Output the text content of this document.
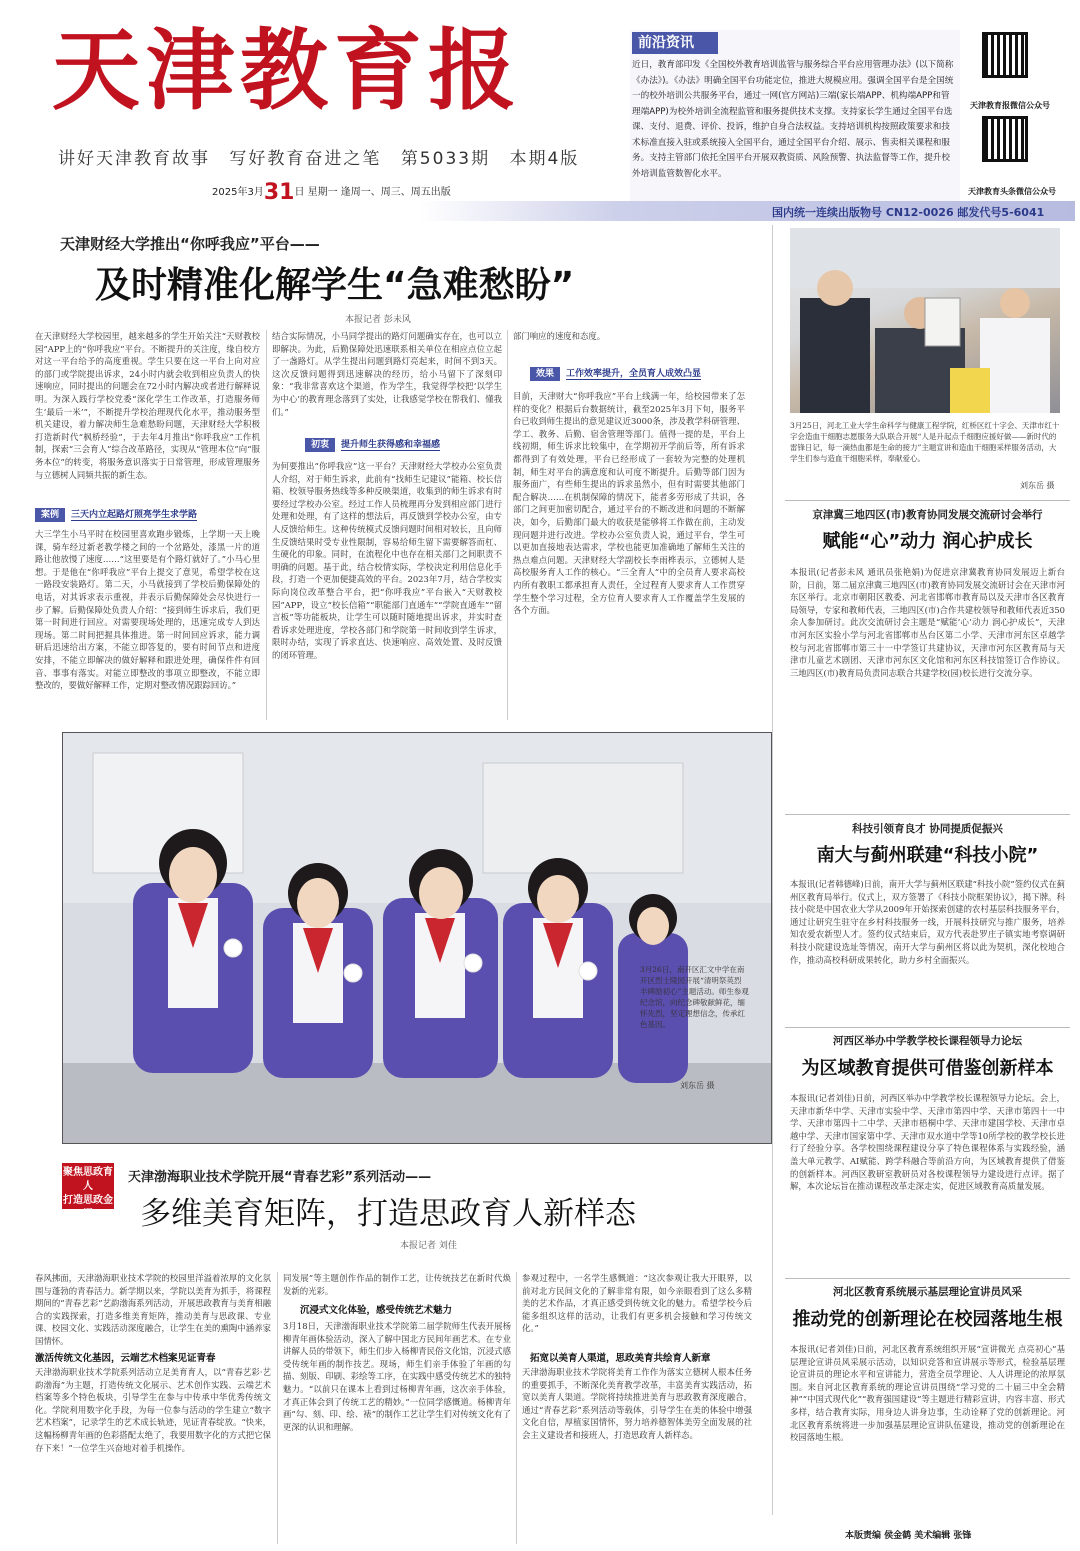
天津教育报
讲好天津教育故事 写好教育奋进之笔 第5033期 本期4版
2025年3月31日 星期一 逢周一、周三、周五出版
前沿资讯
近日，教育部印发《全国校外教育培训监管与服务综合平台应用管理办法》(以下简称《办法》)。《办法》明确全国平台功能定位，推进大规模应用。强调全国平台是全国统一的校外培训公共服务平台，通过一网(官方网站)三端(家长端APP、机构端APP和管理端APP)为校外培训全流程监管和服务提供技术支撑。支持家长学生通过全国平台选课、支付、退费、评价、投诉，维护自身合法权益。支持培训机构按照政策要求和技术标准直接入驻或系统接入全国平台，通过全国平台介绍、展示、售卖相关课程和服务。支持主管部门依托全国平台开展双教资质、风险预警、执法监督等工作，提升校外培训监管数智化水平。
天津教育报微信公众号
天津教育头条微信公众号
国内统一连续出版物号 CN12-0026 邮发代号5-6041
天津财经大学推出“你呼我应”平台——
及时精准化解学生“急难愁盼”
本报记者 彭未风
在天津财经大学校园里，越来越多的学生开始关注“天财教校园”APP上的“你呼我应”平台。不断提升的关注度，缘自校方对这一平台给予的高度重视。学生只要在这一平台上向对应的部门或学院提出诉求，24小时内就会收到相应负责人的快速响应，同时提出的问题会在72小时内解决或者进行解释说明。为深入践行学校党委“深化学生工作改革，打造服务师生‘最后一米’”，不断提升学校治理现代化水平，推动服务型机关建设，着力解决师生急难愁盼问题，天津财经大学积极打造新时代“枫桥经验”，于去年4月推出“你呼我应”工作机制，探索“三会育人”综合改革路径，实现从“管理本位”向“服务本位”的转变，将服务意识落实于日常管理，形成管理服务与立德树人同频共振的新生态。
案例 三天内立起路灯照亮学生求学路
大三学生小马平时在校园里喜欢跑步锻炼，上学期一天上晚课，骑车经过新老教学楼之间的一个岔路处，漆黑一片的道路让他放慢了速度……“这里要是有个路灯就好了。”小马心里想。于是他在“你呼我应”平台上提交了意见，希望学校在这一路段安装路灯。第二天，小马就接到了学校后勤保障处的电话，对其诉求表示重视，并表示后勤保障处会尽快进行一步了解。后勤保障处负责人介绍：“接到师生诉求后，我们更第一时间进行回应。对需要现场处理的，迅速完成专人到达现场。第二时间把握具体推进。第一时间回应诉求，能力调研后迅速给出方案，不能立即答复的，要有时间节点和进度安排，不能立即解决的做好解释和跟进处理，确保件件有回音、事事有落实。对能立即整改的事项立即整改，不能立即整改的，要做好解释工作，定期对整改情况跟踪回访。”
结合实际情况，小马同学提出的路灯问题确实存在，也可以立即解决。为此，后勤保障处迅速联系相关单位在相应点位立起了一盏路灯。从学生提出问题到路灯亮起来，时间不到3天。这次反馈问题得到迅速解决的经历，给小马留下了深刻印象：“我非常喜欢这个渠道，作为学生，我觉得学校把‘以学生为中心’的教育理念落到了实处，让我感觉学校在帮我们、懂我们。”
初衷 提升师生获得感和幸福感
为何要推出“你呼我应”这一平台？天津财经大学校办公室负责人介绍，对于师生诉求，此前有“找师生记建议”能箱、校长信箱、校领导服务热线等多种反映渠道，收集到的师生诉求有时要经过学校办公室。经过工作人员梳理再分发到相应部门进行处理和处理，有了这样的想法后，再反馈到学校办公室，由专人反馈给师生。这种传统模式反馈问题时间相对较长，且向师生反馈结果时受专业性限制，容易给师生留下需要解答而杠、生硬化的印象。同时，在流程化中也存在相关部门之间职责不明确的问题。基于此，结合校情实际，学校决定利用信息化手段，打造一个更加便捷高效的平台。2023年7月，结合学校实际向岗位改革整合平台，把“你呼我应”平台嵌入“天财教校园”APP，设立“校长信箱”“职能部门直通车”“学院直通车”“留言板”等功能板块，让学生可以随时随地提出诉求，并实时查看诉求处理进度，学校各部门和学院第一时间收到学生诉求，限时办结，实现了诉求直达、快速响应、高效处置、及时反馈的闭环管理。
部门响应的速度和态度。
效果 工作效率提升，全员育人成效凸显
目前，天津财大“你呼我应”平台上线满一年，给校园带来了怎样的变化？根据后台数据统计，截至2025年3月下旬，服务平台已收到师生提出的意见建议近3000条，涉及教学科研管理、学工、教务、后勤、宿舍管理等部门。值得一提的是，平台上线初期，师生诉求比较集中，在学期初开学前后等，所有诉求都得到了有效处理，平台已经形成了一套较为完整的处理机制，师生对平台的满意度和认可度不断提升。后勤等部门因为服务面广，有些师生提出的诉求虽然小，但有时需要其他部门配合解决……在机制保障的情况下，能者多劳形成了共识，各部门之间更加密切配合，通过平台的不断改进和问题的不断解决，如今，后勤部门最大的收获是能够将工作做在前，主动发现问题并进行改进。学校办公室负责人说，通过平台，学生可以更加直接地表达需求，学校也能更加准确地了解师生关注的热点难点问题。天津财经大学副校长李雨桦表示，立德树人是高校服务育人工作的核心。“三全育人”中的全员育人要求高校内所有教职工都承担育人责任，全过程育人要求育人工作贯穿学生整个学习过程，全方位育人要求育人工作覆盖学生发展的各个方面。
3月25日，河北工业大学生命科学与健康工程学院，红桥区红十字会、天津市红十字会造血干细胞志愿服务大队联合开展“人是升起点千细胞应援好做——新时代的雷锋日记，每一滴热血都是生命的接力”主题宣讲和造血干细胞采样服务活动，大学生们参与造血干细胞采样，奉献爱心。
刘东岳 摄
京津冀三地四区(市)教育协同发展交流研讨会举行
赋能“心”动力 润心护成长
本报讯(记者彭未风 通讯员张艳娟)为促进京津冀教育协同发展迈上新台阶，日前，第二届京津冀三地四区(市)教育协同发展交流研讨会在天津市河东区举行。北京市朝阳区教委、河北省邯郸市教育局以及天津市各区教育局领导，专家和教师代表，三地四区(市)合作共建校领导和教师代表近350余人参加研讨。此次交流研讨会主题是“赋能‘心’动力 润心护成长”，天津市河东区实验小学与河北省邯郸市丛台区第二小学、天津市河东区卓越学校与河北省邯郸市第三十一中学签订共建协议，天津市河东区教育局与天津市儿童艺术剧团、天津市河东区文化馆和河东区科技馆签订合作协议。三地四区(市)教育局负责同志联合共建学校(园)校长进行交流分享。
科技引领育良才 协同提质促振兴
南大与蓟州联建“科技小院”
本报讯(记者韩德峰)日前，南开大学与蓟州区联建“科技小院”签约仪式在蓟州区教育局举行。仪式上，双方签署了《科技小院框架协议》，揭下牌。科技小院是中国农业大学从2009年开始探索创建的农村基层科技服务平台，通过让研究生驻守在乡村科技服务一线，开展科技研究与推广服务，培养知农爱农新型人才。签约仪式结束后，双方代表赴罗庄子镇实地考察调研科技小院建设选址等情况，南开大学与蓟州区将以此为契机，深化校地合作，推动高校科研成果转化，助力乡村全面振兴。
河西区举办中学教学校长课程领导力论坛
为区域教育提供可借鉴创新样本
本报讯(记者刘佳)日前，河西区举办中学教学校长课程领导力论坛。会上，天津市新华中学、天津市实验中学、天津市第四中学、天津市第四十一中学、天津市第四十二中学、天津市梧桐中学、天津市建国学校、天津市卓越中学、天津市国家第中学、天津市双水道中学等10所学校的教学校长进行了经验分享。各学校围绕课程建设分享了特色课程体系与实践经验，涵盖大单元教学、AI赋能、跨学科融合等前沿方向，为区域教育提供了借鉴的创新样本。河西区教研室教研员对各校课程领导力建设进行点评。据了解，本次论坛旨在推动课程改革走深走实，促进区域教育高质量发展。
河北区教育系统展示基层理论宣讲员风采
推动党的创新理论在校园落地生根
本报讯(记者刘佳)日前，河北区教育系统组织开展“宣讲微光 点亮初心”基层理论宣讲员风采展示活动，以知识竞答和宣讲展示等形式，检验基层理论宣讲员的理论水平和宣讲能力，营造全员学理论、人人讲理论的浓厚氛围。来自河北区教育系统的理论宣讲员围绕“学习党的二十届三中全会精神”“中国式现代化”“教育强国建设”等主题进行精彩宣讲，内容丰富、形式多样，结合教育实际，用身边人讲身边事，生动诠释了党的创新理论。河北区教育系统将进一步加强基层理论宣讲队伍建设，推动党的创新理论在校园落地生根。
本版责编 侯金鹤 美术编辑 张锋
3月26日，南开区汇文中学在南开区烈士陵园开展“清明祭英烈 丰碑励初心”主题活动。师生参观纪念馆，向纪念碑敬献鲜花，缅怀先烈，坚定理想信念，传承红色基因。
刘东岳 摄
聚焦思政育人
打造思政金课
天津渤海职业技术学院开展“青春艺彩”系列活动——
多维美育矩阵，打造思政育人新样态
本报记者 刘佳
春风拂面，天津渤海职业技术学院的校园里洋溢着浓厚的文化氛围与蓬勃的青春活力。新学期以来，学院以美育为抓手，将课程期间的“青春艺彩”艺韵渤海系列活动，开展思政教育与美育相融合的实践探索，打造多维美育矩阵，推动美育与思政课、专业课、校园文化、实践活动深度融合，让学生在美的熏陶中涵养家国情怀。
激活传统文化基因，云端艺术档案见证青春
天津渤海职业技术学院系列活动立足美育育人，以“青春艺彩·艺韵渤海”为主题，打造传统文化展示、艺术创作实践、云端艺术档案等多个特色板块，引导学生在参与中传承中华优秀传统文化。学院利用数字化手段，为每一位参与活动的学生建立“数字艺术档案”，记录学生的艺术成长轨迹，见证青春绽放。“快来，这幅杨柳青年画的色彩搭配太绝了，我要用数字化的方式把它保存下来！”一位学生兴奋地对着手机操作。
同发展”等主题创作作品的制作工艺，让传统技艺在新时代焕发新的光彩。
沉浸式文化体验，感受传统艺术魅力
3月18日，天津渤海职业技术学院第二届学院师生代表开展杨柳青年画体验活动，深入了解中国北方民间年画艺术。在专业讲解人员的带领下，师生们步入杨柳青民俗文化馆，沉浸式感受传统年画的制作技艺。现场，师生们亲手体验了年画的勾描、刻版、印刷、彩绘等工序，在实践中感受传统艺术的独特魅力。“以前只在课本上看到过杨柳青年画，这次亲手体验，才真正体会到了传统工艺的精妙。”一位同学感慨道。杨柳青年画“勾、刻、印、绘、裱”的制作工艺让学生们对传统文化有了更深的认识和理解。
参观过程中，一名学生感慨道：“这次参观让我大开眼界，以前对北方民间文化的了解非常有限，如今亲眼看到了这么多精美的艺术作品，才真正感受到传统文化的魅力。希望学校今后能多组织这样的活动，让我们有更多机会接触和学习传统文化。”
拓宽以美育人渠道，思政美育共绘育人新章
天津渤海职业技术学院将美育工作作为落实立德树人根本任务的重要抓手，不断深化美育教学改革，丰富美育实践活动，拓宽以美育人渠道。学院将持续推进美育与思政教育深度融合，通过“青春艺彩”系列活动等载体，引导学生在美的体验中增强文化自信，厚植家国情怀，努力培养德智体美劳全面发展的社会主义建设者和接班人，打造思政育人新样态。
